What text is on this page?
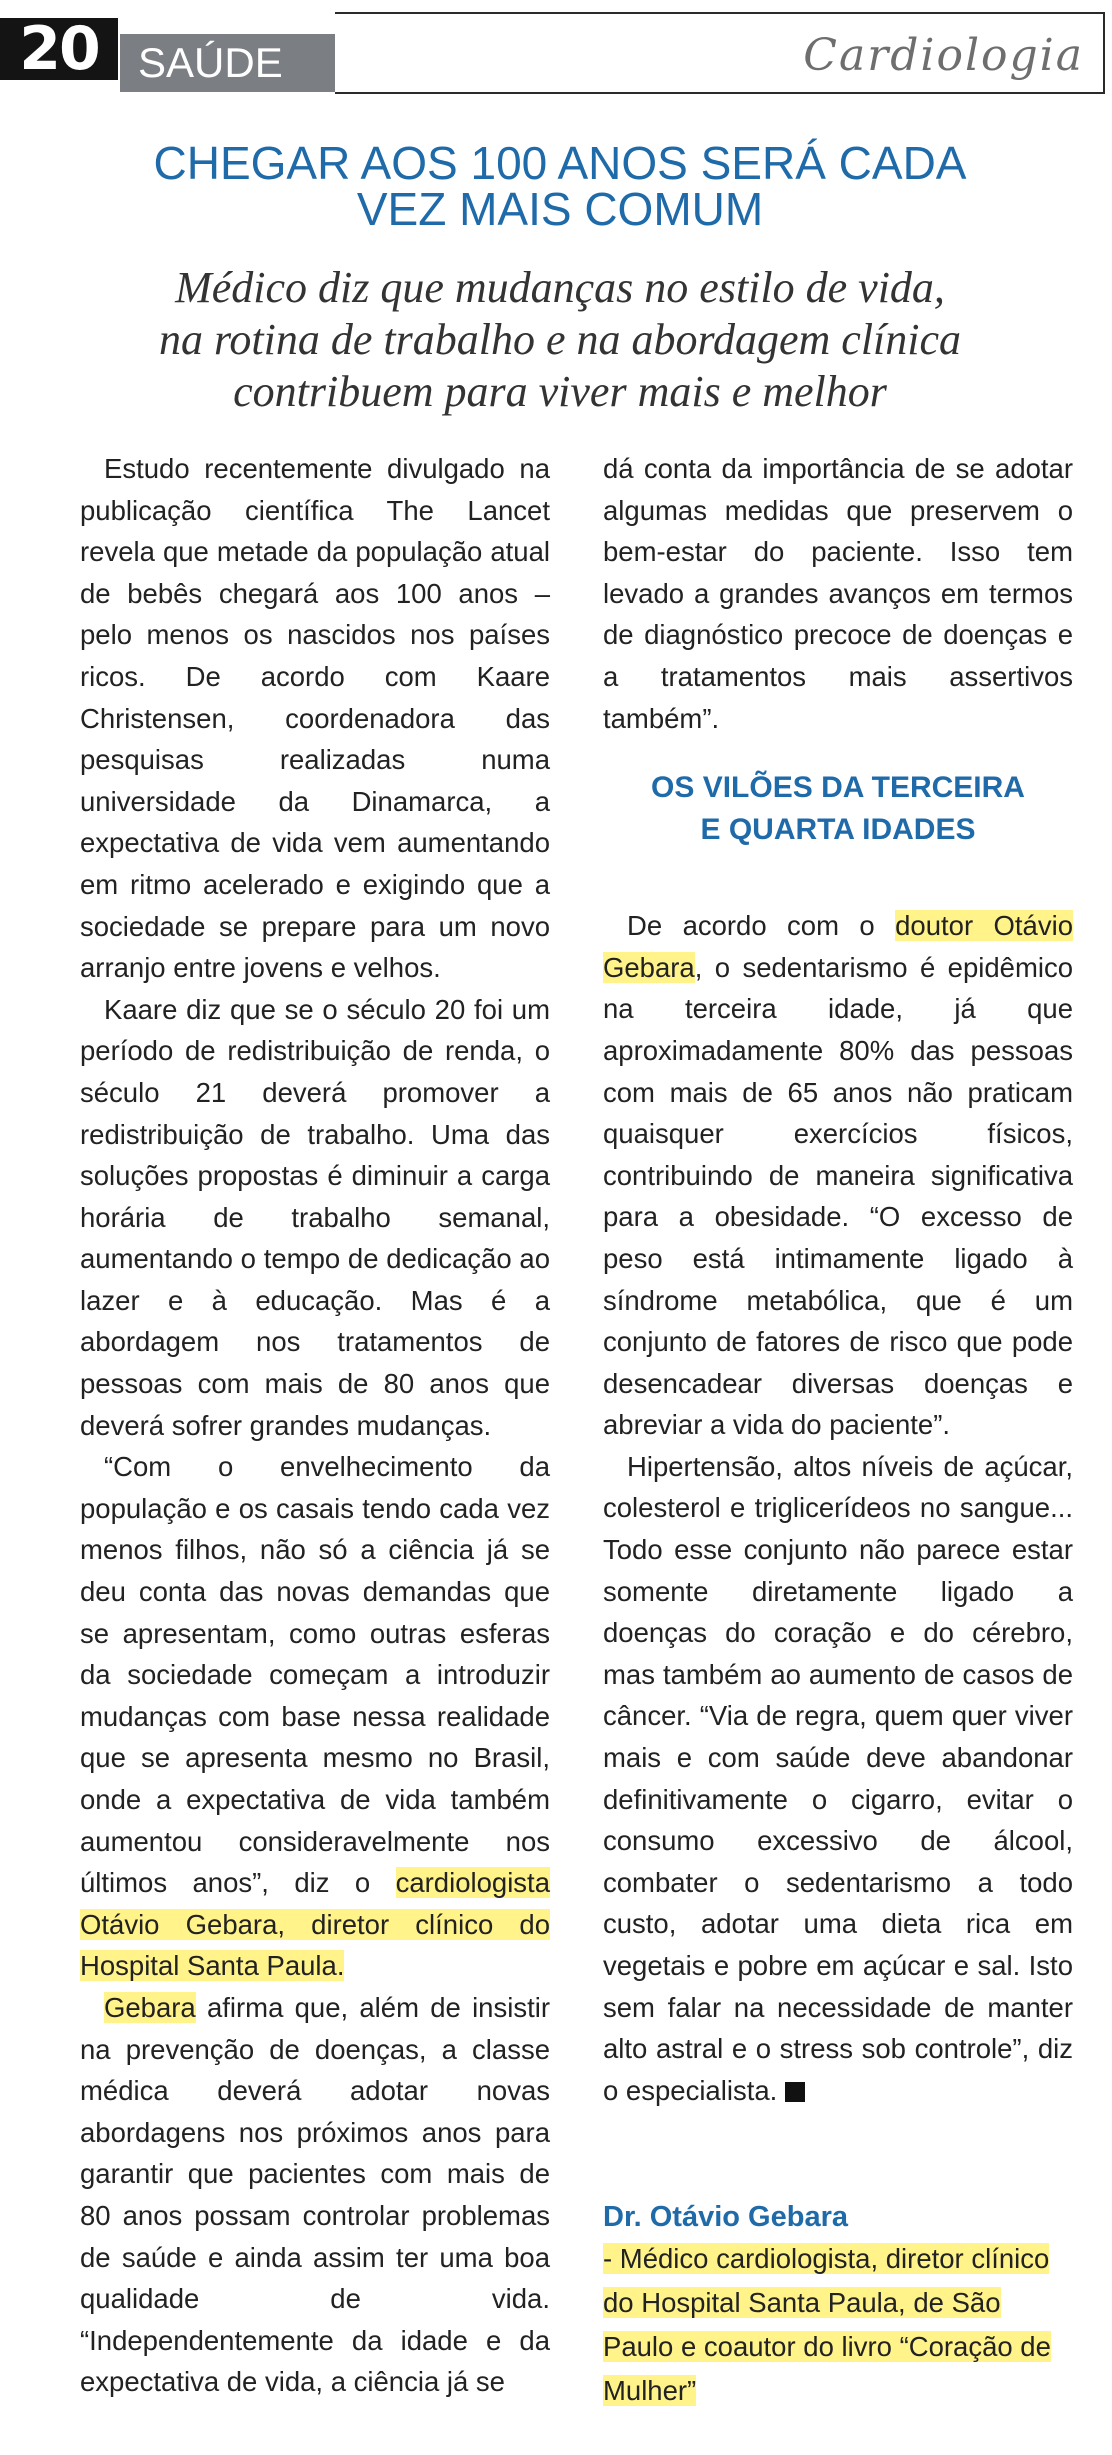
20 SAÚDE	Cardiologia
CHEGAR AOS 100 ANOS SERÁ CADA
VEZ MAIS COMUM
Médico diz que mudanças no estilo de vida,
na rotina de trabalho e na abordagem clínica
contribuem para viver mais e melhor

Estudo recentemente divulgado na publicação científica The Lancet revela que metade da população atual de bebês chegará aos 100 anos – pelo menos os nascidos nos países ricos. De acordo com Kaare Christensen, coordenadora das pesquisas realizadas numa universidade da Dinamarca, a expectativa de vida vem aumentando em ritmo acelerado e exigindo que a sociedade se prepare para um novo arranjo entre jovens e velhos.

Kaare diz que se o século 20 foi um período de redistribuição de renda, o século 21 deverá promover a redistribuição de trabalho. Uma das soluções propostas é diminuir a carga horária de trabalho semanal, aumentando o tempo de dedicação ao lazer e à educação. Mas é a abordagem nos tratamentos de pessoas com mais de 80 anos que deverá sofrer grandes mudanças.

“Com o envelhecimento da população e os casais tendo cada vez menos filhos, não só a ciência já se deu conta das novas demandas que se apresentam, como outras esferas da sociedade começam a introduzir mudanças com base nessa realidade que se apresenta mesmo no Brasil, onde a expectativa de vida também aumentou consideravelmente nos últimos anos”, diz o cardiologista Otávio Gebara, diretor clínico do Hospital Santa Paula.

Gebara afirma que, além de insistir na prevenção de doenças, a classe médica deverá adotar novas abordagens nos próximos anos para garantir que pacientes com mais de 80 anos possam controlar problemas de saúde e ainda assim ter uma boa qualidade de vida. “Independentemente da idade e da expectativa de vida, a ciência já se

dá conta da importância de se adotar algumas medidas que preservem o bem-estar do paciente. Isso tem levado a grandes avanços em termos de diagnóstico precoce de doenças e a tratamentos mais assertivos também”.

OS VILÕES DA TERCEIRA
E QUARTA IDADES

De acordo com o doutor Otávio Gebara, o sedentarismo é epidêmico na terceira idade, já que aproximadamente 80% das pessoas com mais de 65 anos não praticam quaisquer exercícios físicos, contribuindo de maneira significativa para a obesidade. “O excesso de peso está intimamente ligado à síndrome metabólica, que é um conjunto de fatores de risco que pode desencadear diversas doenças e abreviar a vida do paciente”.

Hipertensão, altos níveis de açúcar, colesterol e triglicerídeos no sangue... Todo esse conjunto não parece estar somente diretamente ligado a doenças do coração e do cérebro, mas também ao aumento de casos de câncer. “Via de regra, quem quer viver mais e com saúde deve abandonar definitivamente o cigarro, evitar o consumo excessivo de álcool, combater o sedentarismo a todo custo, adotar uma dieta rica em vegetais e pobre em açúcar e sal. Isto sem falar na necessidade de manter alto astral e o stress sob controle”, diz o especialista.

Dr. Otávio Gebara
- Médico cardiologista, diretor clínico do Hospital Santa Paula, de São Paulo e coautor do livro “Coração de Mulher”
